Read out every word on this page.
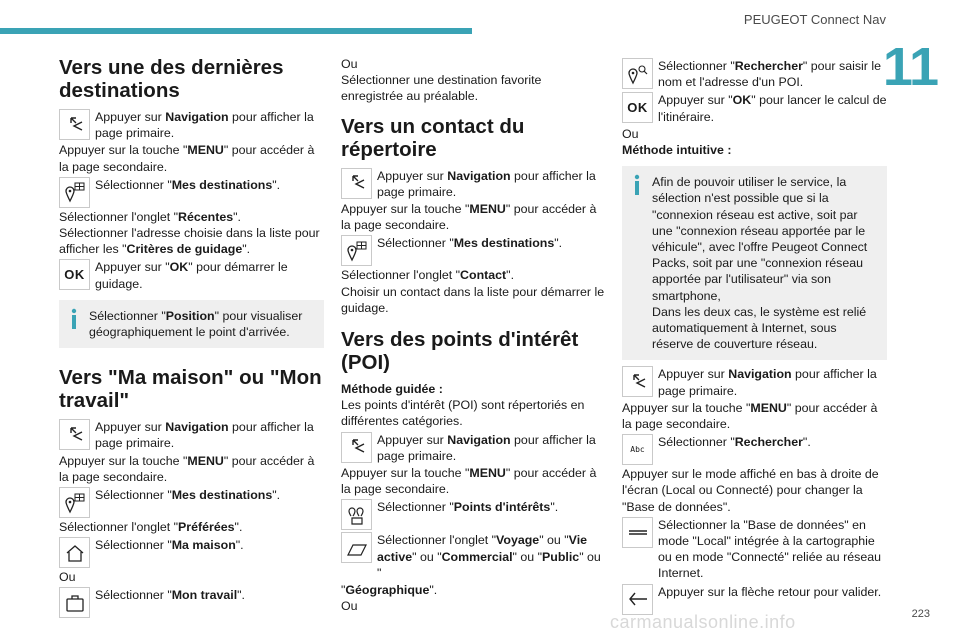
PEUGEOT Connect Nav
11
Vers une des dernières destinations
Appuyer sur Navigation pour afficher la page primaire.

Appuyer sur la touche "MENU" pour accéder à la page secondaire.

Sélectionner "Mes destinations".

Sélectionner l'onglet "Récentes".

Sélectionner l'adresse choisie dans la liste pour afficher les "Critères de guidage".

OK Appuyer sur "OK" pour démarrer le guidage.
Sélectionner "Position" pour visualiser géographiquement le point d'arrivée.
Vers "Ma maison" ou "Mon travail"
Appuyer sur Navigation pour afficher la page primaire.

Appuyer sur la touche "MENU" pour accéder à la page secondaire.

Sélectionner "Mes destinations".

Sélectionner l'onglet "Préférées".

Sélectionner "Ma maison".

Ou

Sélectionner "Mon travail".

Ou

Sélectionner une destination favorite enregistrée au préalable.

Vers un contact du répertoire
Appuyer sur Navigation pour afficher la page primaire.

Appuyer sur la touche "MENU" pour accéder à la page secondaire.

Sélectionner "Mes destinations".

Sélectionner l'onglet "Contact".

Choisir un contact dans la liste pour démarrer le guidage.

Vers des points d'intérêt (POI)

Méthode guidée :

Les points d'intérêt (POI) sont répertoriés en différentes catégories.

Appuyer sur Navigation pour afficher la page primaire.

Appuyer sur la touche "MENU" pour accéder à la page secondaire.

Sélectionner "Points d'intérêts".
Sélectionner l'onglet "Voyage" ou "Vie active" ou "Commercial" ou "Public" ou "

"Géographique".

Ou

Sélectionner "Rechercher" pour saisir le nom et l'adresse d'un POI.
OK Appuyer sur "OK" pour lancer le calcul de l'itinéraire.

Ou

Méthode intuitive :

Afin de pouvoir utiliser le service, la sélection n'est possible que si la "connexion réseau est active, soit par une "connexion réseau apportée par le véhicule", avec l'offre Peugeot Connect Packs, soit par une "connexion réseau apportée par l'utilisateur" via son smartphone,

Dans les deux cas, le système est relié automatiquement à Internet, sous réserve de couverture réseau.

Appuyer sur Navigation pour afficher la page primaire.

Appuyer sur la touche "MENU" pour accéder à la page secondaire.

Abc	Sélectionner "Rechercher".

Appuyer sur le mode affiché en bas à droite de l'écran (Local ou Connecté) pour changer la "Base de données".

Sélectionner la "Base de données" en mode "Local" intégrée à la cartographie ou en mode "Connecté" reliée au réseau Internet.
Appuyer sur la flèche retour pour valider.
carmanualsonline.info	223
